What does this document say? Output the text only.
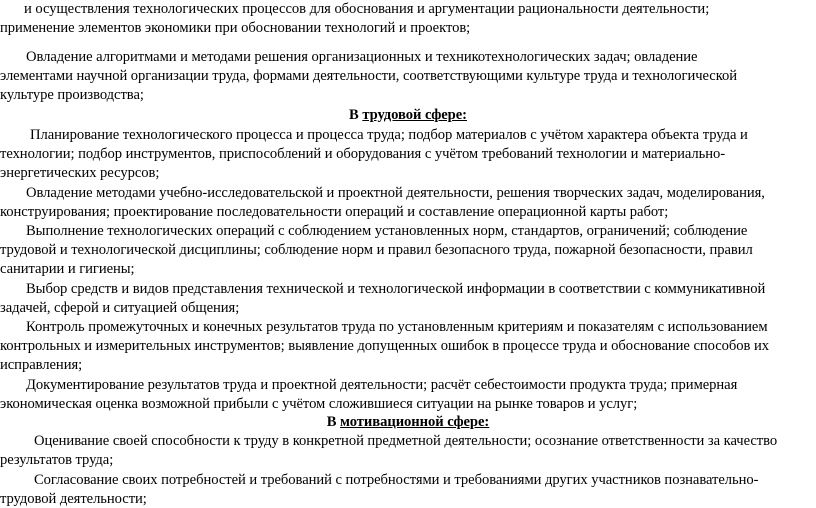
и осуществления технологических процессов для обоснования и аргументации рациональности деятельности;
применение элементов экономики при обосновании технологий и проектов;
Овладение алгоритмами и методами решения организационных и техникотехнологических задач; овладение
элементами научной организации труда, формами деятельности, соответствующими культуре труда и технологической
культуре производства;
В трудовой сфере:
Планирование технологического процесса и процесса труда; подбор материалов с учётом характера объекта труда и
технологии; подбор инструментов, приспособлений и оборудования с учётом требований технологии и материально-
энергетических ресурсов;
Овладение методами учебно-исследовательской и проектной деятельности, решения творческих задач, моделирования,
конструирования; проектирование последовательности операций и составление операционной карты работ;
Выполнение технологических операций с соблюдением установленных норм, стандартов, ограничений; соблюдение
трудовой и технологической дисциплины; соблюдение норм и правил безопасного труда, пожарной безопасности, правил
санитарии и гигиены;
Выбор средств и видов представления технической и технологической информации в соответствии с коммуникативной
задачей, сферой и ситуацией общения;
Контроль промежуточных и конечных результатов труда по установленным критериям и показателям с использованием
контрольных и измерительных инструментов; выявление допущенных ошибок в процессе труда и обоснование способов их
исправления;
Документирование результатов труда и проектной деятельности; расчёт себестоимости продукта труда; примерная
экономическая оценка возможной прибыли с учётом сложившиеся ситуации на рынке товаров и услуг;
В мотивационной сфере:
Оценивание своей способности к труду в конкретной предметной деятельности; осознание ответственности за качество
результатов труда;
Согласование своих потребностей и требований с потребностями и требованиями других участников познавательно-
трудовой деятельности;
